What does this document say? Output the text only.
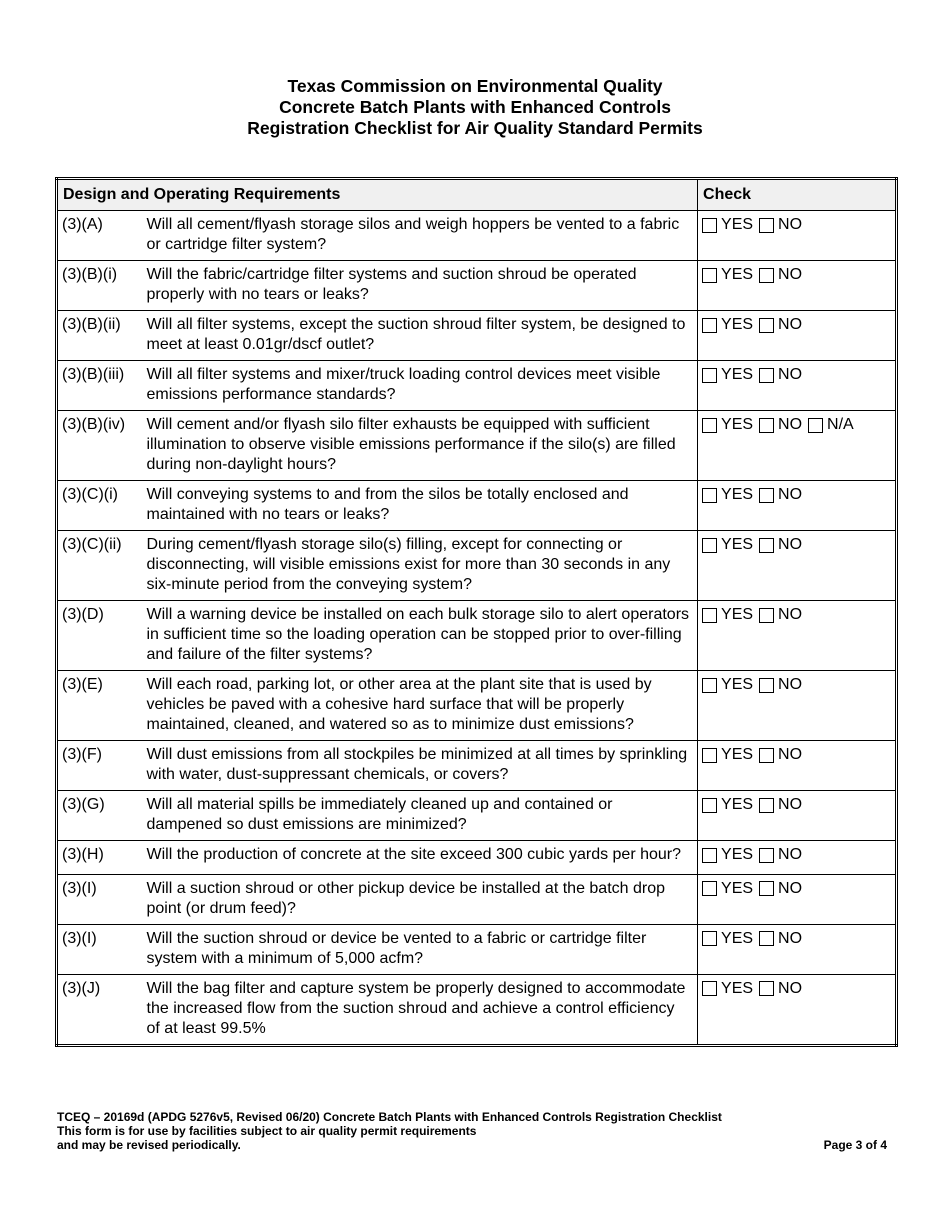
Texas Commission on Environmental Quality
Concrete Batch Plants with Enhanced Controls
Registration Checklist for Air Quality Standard Permits
Design and Operating Requirements		Check
(3)(A)	Will all cement/flyash storage silos and weigh hoppers be vented to a fabric or cartridge filter system?	YES NO

(3)(B)(i)	Will the fabric/cartridge filter systems and suction shroud be operated properly with no tears or leaks?	YES NO

(3)(B)(ii)	Will all filter systems, except the suction shroud filter system, be designed to meet at least 0.01gr/dscf outlet?	YES NO

(3)(B)(iii)	Will all filter systems and mixer/truck loading control devices meet visible emissions performance standards?	YES NO

(3)(B)(iv)	Will cement and/or flyash silo filter exhausts be equipped with sufficient illumination to observe visible emissions performance if the silo(s) are filled during non-daylight hours?	YES NO N/A

(3)(C)(i)	Will conveying systems to and from the silos be totally enclosed and maintained with no tears or leaks?	YES NO

(3)(C)(ii)	During cement/flyash storage silo(s) filling, except for connecting or disconnecting, will visible emissions exist for more than 30 seconds in any six-minute period from the conveying system?	YES NO

(3)(D)	Will a warning device be installed on each bulk storage silo to alert operators in sufficient time so the loading operation can be stopped prior to over-filling and failure of the filter systems?	YES NO

(3)(E)	Will each road, parking lot, or other area at the plant site that is used by vehicles be paved with a cohesive hard surface that will be properly maintained, cleaned, and watered so as to minimize dust emissions?	YES NO

(3)(F)	Will dust emissions from all stockpiles be minimized at all times by sprinkling with water, dust-suppressant chemicals, or covers?	YES NO

(3)(G)	Will all material spills be immediately cleaned up and contained or dampened so dust emissions are minimized?	YES NO

(3)(H)	Will the production of concrete at the site exceed 300 cubic yards per hour?	YES NO

(3)(I)	Will a suction shroud or other pickup device be installed at the batch drop point (or drum feed)?	YES NO

(3)(I)	Will the suction shroud or device be vented to a fabric or cartridge filter system with a minimum of 5,000 acfm?	YES NO

(3)(J)	Will the bag filter and capture system be properly designed to accommodate the increased flow from the suction shroud and achieve a control efficiency of at least 99.5%	YES NO
TCEQ – 20169d (APDG 5276v5, Revised 06/20) Concrete Batch Plants with Enhanced Controls Registration Checklist
This form is for use by facilities subject to air quality permit requirements
and may be revised periodically.	Page 3 of 4
